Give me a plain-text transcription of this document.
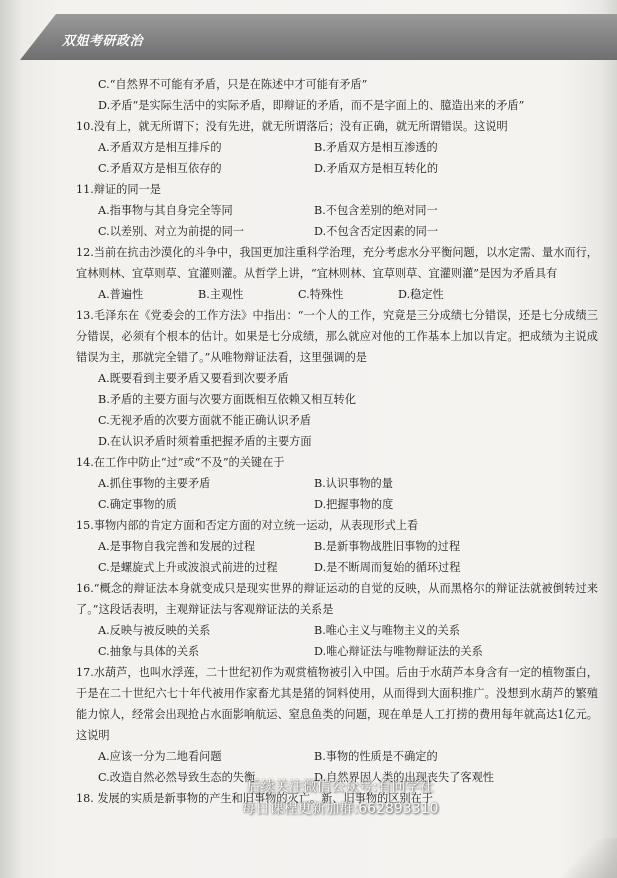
双姐考研政治
C.“自然界不可能有矛盾，只是在陈述中才可能有矛盾”
D.矛盾“是实际生活中的实际矛盾，即辩证的矛盾，而不是字面上的、臆造出来的矛盾”
10.没有上，就无所谓下；没有先进，就无所谓落后；没有正确，就无所谓错误。这说明
A.矛盾双方是相互排斥的	B.矛盾双方是相互渗透的
C.矛盾双方是相互依存的	D.矛盾双方是相互转化的
11.辩证的同一是
A.指事物与其自身完全等同	B.不包含差别的绝对同一
C.以差别、对立为前提的同一	D.不包含否定因素的同一
12.当前在抗击沙漠化的斗争中，我国更加注重科学治理，充分考虑水分平衡问题，以水定需、量水而行，宜林则林、宜草则草、宜灌则灌。从哲学上讲，“宜林则林、宜草则草、宜灌则灌”是因为矛盾具有
A.普遍性	B.主观性	C.特殊性	D.稳定性
13.毛泽东在《党委会的工作方法》中指出：“一个人的工作，究竟是三分成绩七分错误，还是七分成绩三分错误，必须有个根本的估计。如果是七分成绩，那么就应对他的工作基本上加以肯定。把成绩为主说成错误为主，那就完全错了。”从唯物辩证法看，这里强调的是
A.既要看到主要矛盾又要看到次要矛盾
B.矛盾的主要方面与次要方面既相互依赖又相互转化
C.无视矛盾的次要方面就不能正确认识矛盾
D.在认识矛盾时须着重把握矛盾的主要方面
14.在工作中防止“过”或“不及”的关键在于
A.抓住事物的主要矛盾	B.认识事物的量
C.确定事物的质	D.把握事物的度
15.事物内部的肯定方面和否定方面的对立统一运动，从表现形式上看
A.是事物自我完善和发展的过程	B.是新事物战胜旧事物的过程
C.是螺旋式上升或波浪式前进的过程	D.是不断周而复始的循环过程
16.“概念的辩证法本身就变成只是现实世界的辩证运动的自觉的反映，从而黑格尔的辩证法就被倒转过来了。”这段话表明，主观辩证法与客观辩证法的关系是
A.反映与被反映的关系	B.唯心主义与唯物主义的关系
C.抽象与具体的关系	D.唯心辩证法与唯物辩证法的关系
17.水葫芦，也叫水浮莲，二十世纪初作为观赏植物被引入中国。后由于水葫芦本身含有一定的植物蛋白，于是在二十世纪六七十年代被用作家畜尤其是猪的饲料使用，从而得到大面积推广。没想到水葫芦的繁殖能力惊人，经常会出现抢占水面影响航运、窒息鱼类的问题，现在单是人工打捞的费用每年就高达1亿元。这说明
A.应该一分为二地看问题	B.事物的性质是不确定的
C.改造自然必然导致生态的失衡	D.自然界因人类的出现丧失了客观性
18. 发展的实质是新事物的产生和旧事物的灭亡。新、旧事物的区别在于
后续关注微信公众号:有问学社
每日课程更新加群:662893310
